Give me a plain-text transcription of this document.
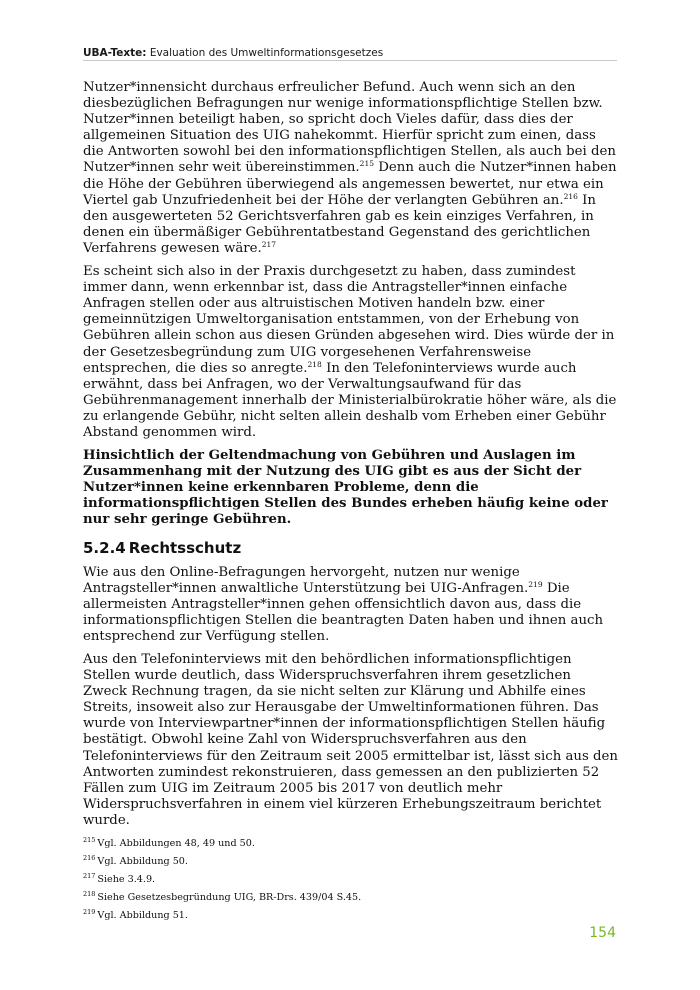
UBA-Texte: Evaluation des Umweltinformationsgesetzes

Nutzer*innensicht durchaus erfreulicher Befund. Auch wenn sich an den diesbezüglichen Befragungen nur wenige informationspflichtige Stellen bzw. Nutzer*innen beteiligt haben, so spricht doch Vieles dafür, dass dies der allgemeinen Situation des UIG nahekommt. Hierfür spricht zum einen, dass die Antworten sowohl bei den informationspflichtigen Stellen, als auch bei den Nutzer*innen sehr weit übereinstimmen.$^{215}$ Denn auch die Nutzer*innen haben die Höhe der Gebühren überwiegend als angemessen bewertet, nur etwa ein Viertel gab Unzufriedenheit bei der Höhe der verlangten Gebühren an.$^{216}$ In den ausgewerteten 52 Gerichtsverfahren gab es kein einziges Verfahren, in denen ein übermäßiger Gebührentatbestand Gegenstand des gerichtlichen Verfahrens gewesen wäre.$^{217}$

Es scheint sich also in der Praxis durchgesetzt zu haben, dass zumindest immer dann, wenn erkennbar ist, dass die Antragsteller*innen einfache Anfragen stellen oder aus altruistischen Motiven handeln bzw. einer gemeinnützigen Umweltorganisation entstammen, von der Erhebung von Gebühren allein schon aus diesen Gründen abgesehen wird. Dies würde der in der Gesetzesbegründung zum UIG vorgesehenen Verfahrensweise entsprechen, die dies so anregte.$^{218}$ In den Telefoninterviews wurde auch erwähnt, dass bei Anfragen, wo der Verwaltungsaufwand für das Gebührenmanagement innerhalb der Ministerialbürokratie höher wäre, als die zu erlangende Gebühr, nicht selten allein deshalb vom Erheben einer Gebühr Abstand genommen wird.

Hinsichtlich der Geltendmachung von Gebühren und Auslagen im Zusammenhang mit der Nutzung des UIG gibt es aus der Sicht der Nutzer*innen keine erkennbaren Probleme, denn die informationspflichtigen Stellen des Bundes erheben häufig keine oder nur sehr geringe Gebühren.

5.2.4 Rechtsschutz

Wie aus den Online-Befragungen hervorgeht, nutzen nur wenige Antragsteller*innen anwaltliche Unterstützung bei UIG-Anfragen.$^{219}$ Die allermeisten Antragsteller*innen gehen offensichtlich davon aus, dass die informationspflichtigen Stellen die beantragten Daten haben und ihnen auch entsprechend zur Verfügung stellen.

Aus den Telefoninterviews mit den behördlichen informationspflichtigen Stellen wurde deutlich, dass Widerspruchsverfahren ihrem gesetzlichen Zweck Rechnung tragen, da sie nicht selten zur Klärung und Abhilfe eines Streits, insoweit also zur Herausgabe der Umweltinformationen führen. Das wurde von Interviewpartner*innen der informationspflichtigen Stellen häufig bestätigt. Obwohl keine Zahl von Widerspruchsverfahren aus den Telefoninterviews für den Zeitraum seit 2005 ermittelbar ist, lässt sich aus den Antworten zumindest rekonstruieren, dass gemessen an den publizierten 52 Fällen zum UIG im Zeitraum 2005 bis 2017 von deutlich mehr Widerspruchsverfahren in einem viel kürzeren Erhebungszeitraum berichtet wurde.

$^{215}$ Vgl. Abbildungen 48, 49 und 50.
$^{216}$ Vgl. Abbildung 50.
$^{217}$ Siehe 3.4.9.
$^{218}$ Siehe Gesetzesbegründung UIG, BR-Drs. 439/04 S.45.
$^{219}$ Vgl. Abbildung 51.
154
